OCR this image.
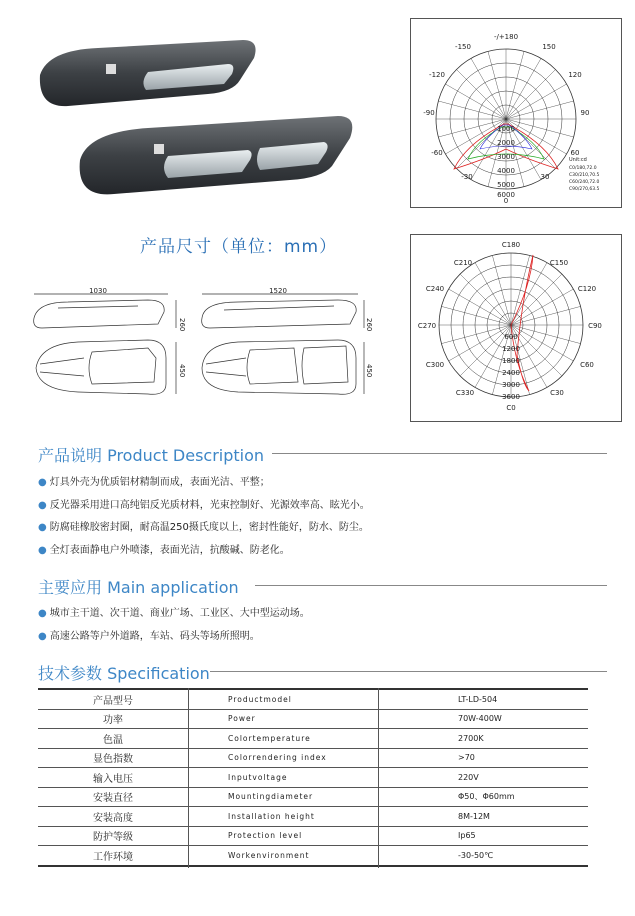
-/+180
-150	150
-120	120
-90	90
-60	60
-30	30
0
1000
2000
3000
4000
5000
6000
Unit:cd
C0/180,72.0
C30/210,70.5
C60/240,72.0
C90/270,63.5
C180
C210	C150
C240	C120
C270	C90
C300	C60
C330	C30
C0
600
1200
1800
2400
3000
3600
产品尺寸（单位：mm）
1030
260
450
1520
260
450
产品说明 Product Description
● 灯具外壳为优质铝材精制而成，表面光洁、平整；
● 反光器采用进口高纯铝反光质材料，光束控制好、光源效率高、眩光小。
● 防腐硅橡胶密封圈，耐高温250摄氏度以上，密封性能好，防水、防尘。
● 全灯表面静电户外喷漆，表面光洁，抗酸碱、防老化。
主要应用 Main application
● 城市主干道、次干道、商业广场、工业区、大中型运动场。
● 高速公路等户外道路，车站、码头等场所照明。
技术参数 Specification
产品型号	Productmodel	LT-LD-504
功率	Power	70W-400W
色温	Colortemperature	2700K
显色指数	Colorrendering index	>70
输入电压	Inputvoltage	220V
安装直径	Mountingdiameter	Φ50、Φ60mm
安装高度	Installation height	8M-12M
防护等级	Protection level	Ip65
工作环境	Workenvironment	-30-50℃
